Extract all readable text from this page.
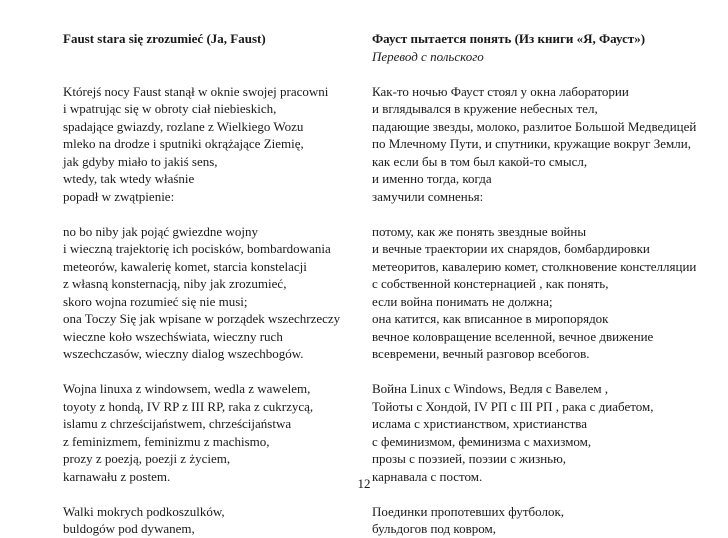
Faust stara się zrozumieć (Ja, Faust)
Którejś nocy Faust stanął w oknie swojej pracowni
i wpatrując się w obroty ciał niebieskich,
spadające gwiazdy, rozlane z Wielkiego Wozu
mleko na drodze i sputniki okrążające Ziemię,
jak gdyby miało to jakiś sens,
wtedy, tak wtedy właśnie
popadł w zwątpienie:
no bo niby jak pojąć gwiezdne wojny
i wieczną trajektorię ich pocisków, bombardowania
meteorów, kawalerię komet, starcia konstelacji
z własną konsternacją, niby jak zrozumieć,
skoro wojna rozumieć się nie musi;
ona Toczy Się jak wpisane w porządek wszechrzeczy
wieczne koło wszechświata, wieczny ruch
wszechczasów, wieczny dialog wszechbogów.
Wojna linuxa z windowsem, wedla z wawelem,
toyoty z hondą, IV RP z III RP, raka z cukrzycą,
islamu z chrześcijaństwem, chrześcijaństwa
z feminizmem, feminizmu z machismo,
prozy z poezją, poezji z życiem,
karnawału z postem.
Walki mokrych podkoszulków,
buldogów pod dywanem,
Фауст пытается понять (Из книги «Я, Фауст»)
Перевод с польского
Как-то ночью Фауст стоял у окна лаборатории
и вглядывался в кружение небесных тел,
падающие звезды, молоко, разлитое Большой Медведицей
по Млечному Пути, и спутники, кружащие вокруг Земли,
как если бы в том был какой-то смысл,
и именно тогда, когда
замучили сомненья:
потому, как же понять звездные войны
и вечные траектории их снарядов, бомбардировки
метеоритов, кавалерию комет, столкновение констелляции
с собственной констернацией , как понять,
если война понимать не должна;
она катится, как вписанное в миропорядок
вечное коловращение вселенной, вечное движение
всевремени, вечный разговор всебогов.
Война Linux с Windows, Ведля с Вавелем ,
Тойоты с Хондой, IV РП с III РП , рака с диабетом,
ислама с христианством, христианства
с феминизмом, феминизма с махизмом,
прозы с поэзией, поэзии с жизнью,
карнавала с постом.
Поединки пропотевших футболок,
бульдогов под ковром,
12
